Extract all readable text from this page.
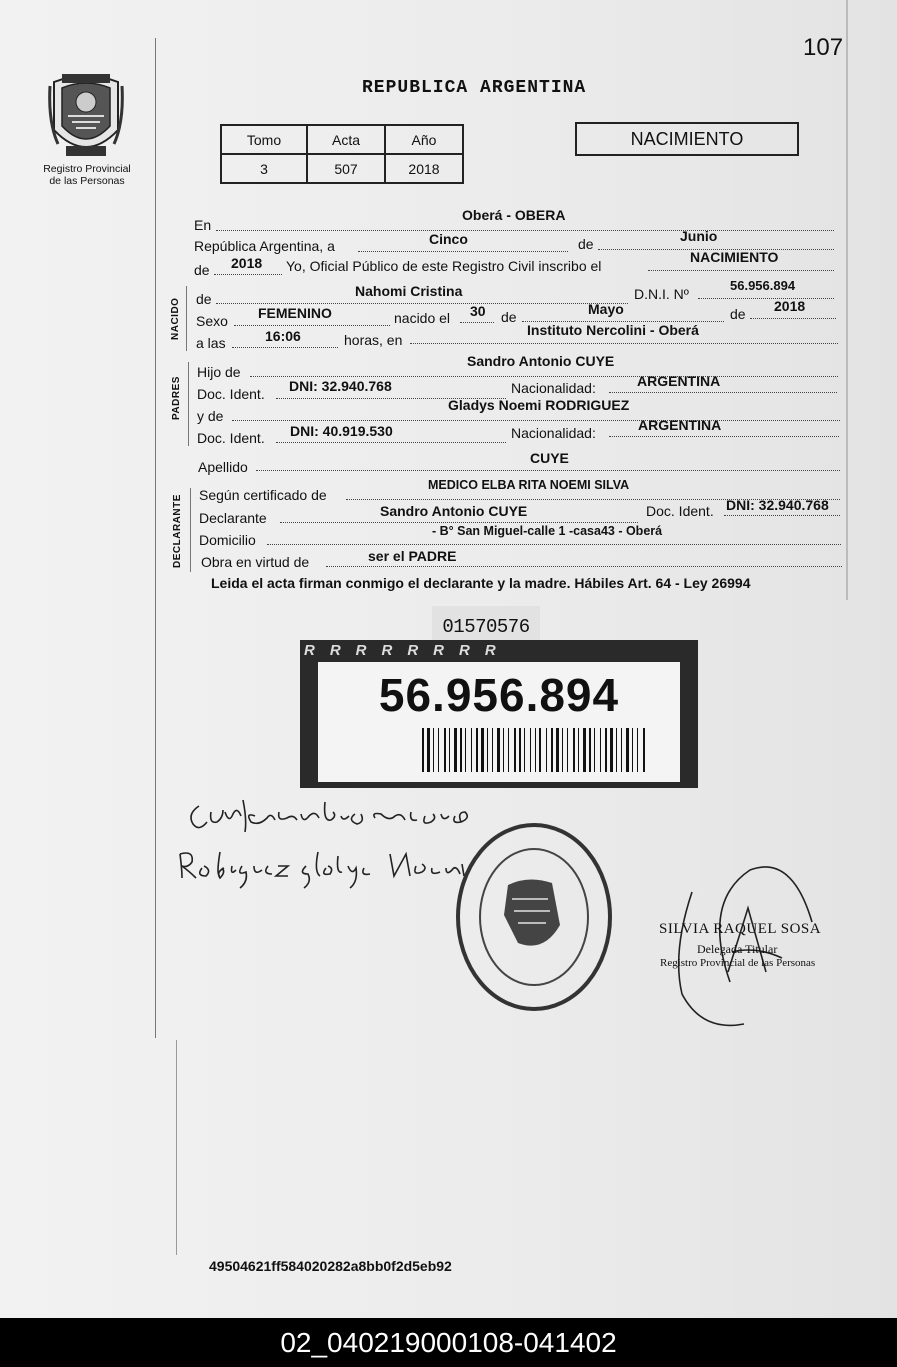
107
Registro Provincial
de las Personas
REPUBLICA ARGENTINA
Tomo	Acta	Año
3	507	2018
NACIMIENTO
En
Oberá - OBERA
República Argentina, a	Cinco	de	Junio
de 2018 Yo, Oficial Público de este Registro Civil inscribo el
NACIMIENTO
NACIDO de	Nahomi Cristina	D.N.I. Nº
56.956.894
Sexo FEMENINO	nacido el 30 de	Mayo	de 2018
a las	16:06	horas, en
Instituto Nercolini - Oberá
PADRES
Hijo de
Sandro Antonio CUYE
Doc. Ident. DNI: 32.940.768	Nacionalidad:	ARGENTINA
y de
Gladys Noemi RODRIGUEZ
Doc. Ident. DNI: 40.919.530	Nacionalidad:	ARGENTINA
Apellido
CUYE
DECLARANTE Según certificado de
MEDICO ELBA RITA NOEMI SILVA
Declarante	Sandro Antonio CUYE	Doc. Ident. DNI: 32.940.768
Domicilio
- B° San Miguel-calle 1 -casa43 - Oberá
Obra en virtud de	ser el PADRE
Leida el acta firman conmigo el declarante y la madre. Hábiles Art. 64 - Ley 26994
01570576
RRRRRRRR
56.956.894
SILVIA RAQUEL SOSA
Delegada Titular
Registro Provincial de las Personas
49504621ff584020282a8bb0f2d5eb92
02_040219000108-041402
